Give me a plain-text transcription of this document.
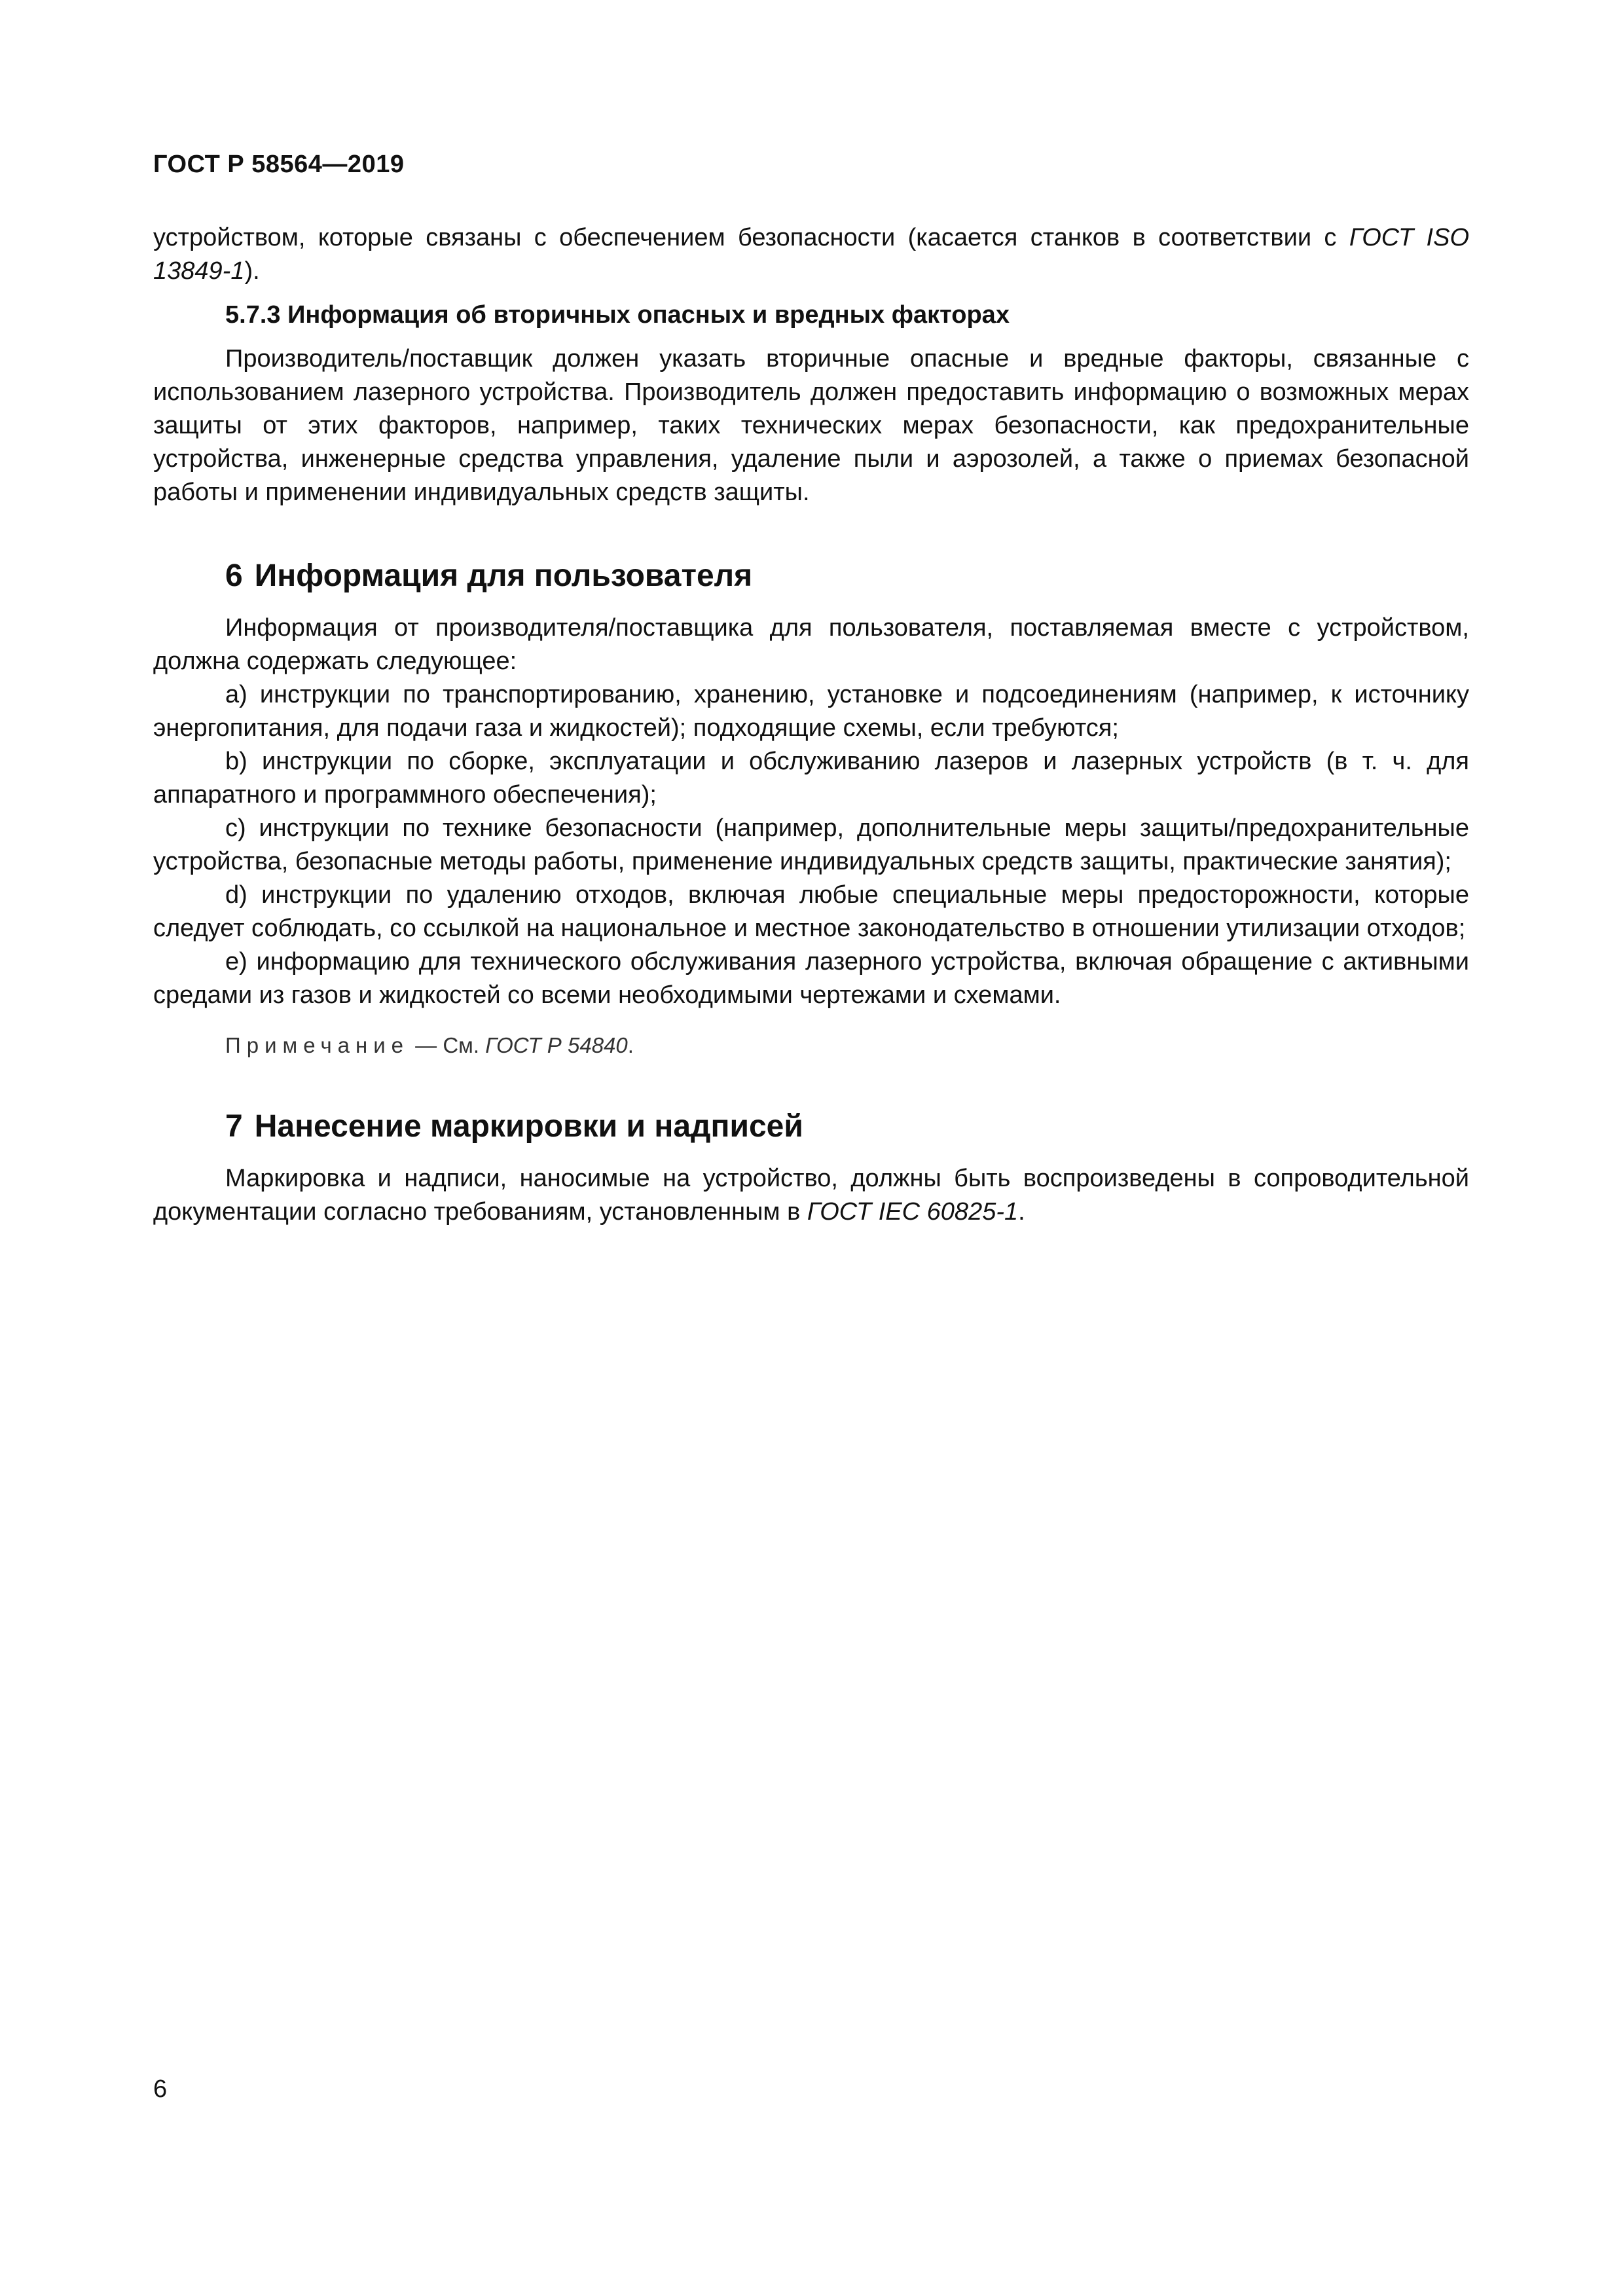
ГОСТ Р 58564—2019

устройством, которые связаны с обеспечением безопасности (касается станков в соответствии с ГОСТ ISO 13849-1).

5.7.3 Информация об вторичных опасных и вредных факторах

Производитель/поставщик должен указать вторичные опасные и вредные факторы, связанные с использованием лазерного устройства. Производитель должен предоставить информацию о возможных мерах защиты от этих факторов, например, таких технических мерах безопасности, как предохранительные устройства, инженерные средства управления, удаление пыли и аэрозолей, а также о приемах безопасной работы и применении индивидуальных средств защиты.

6 Информация для пользователя

Информация от производителя/поставщика для пользователя, поставляемая вместе с устройством, должна содержать следующее:

a) инструкции по транспортированию, хранению, установке и подсоединениям (например, к источнику энергопитания, для подачи газа и жидкостей); подходящие схемы, если требуются;

b) инструкции по сборке, эксплуатации и обслуживанию лазеров и лазерных устройств (в т. ч. для аппаратного и программного обеспечения);

c) инструкции по технике безопасности (например, дополнительные меры защиты/предохранительные устройства, безопасные методы работы, применение индивидуальных средств защиты, практические занятия);

d) инструкции по удалению отходов, включая любые специальные меры предосторожности, которые следует соблюдать, со ссылкой на национальное и местное законодательство в отношении утилизации отходов;

e) информацию для технического обслуживания лазерного устройства, включая обращение с активными средами из газов и жидкостей со всеми необходимыми чертежами и схемами.

Примечание — См. ГОСТ Р 54840.
7 Нанесение маркировки и надписей

Маркировка и надписи, наносимые на устройство, должны быть воспроизведены в сопроводительной документации согласно требованиям, установленным в ГОСТ IEC 60825-1.

6
